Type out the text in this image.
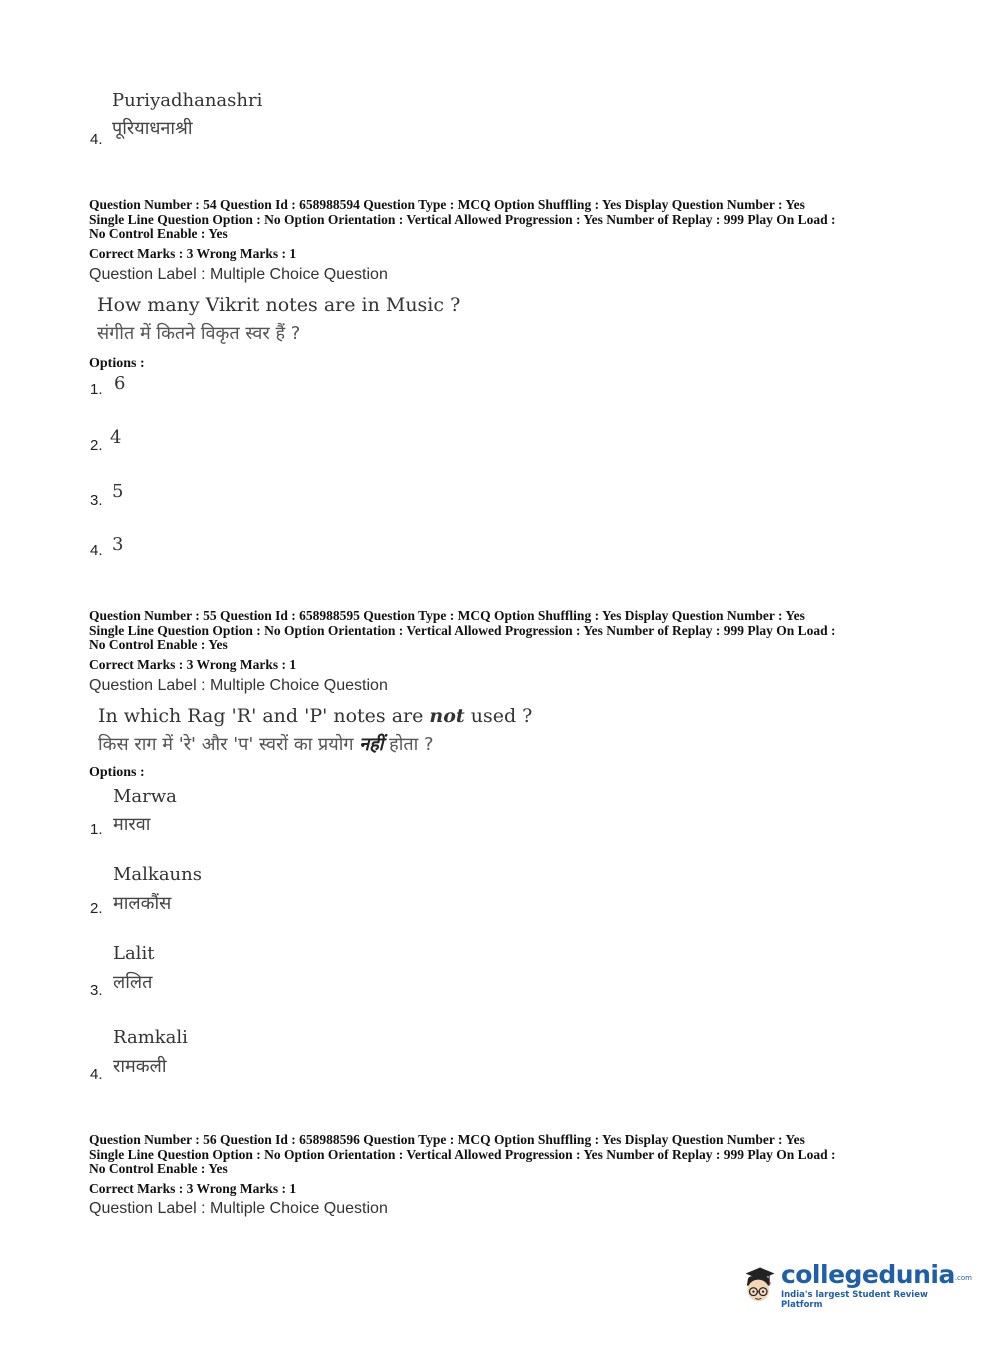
Puriyadhanashri
पूरियाधनाश्री
4.
Question Number : 54 Question Id : 658988594 Question Type : MCQ Option Shuffling : Yes Display Question Number : Yes
Single Line Question Option : No Option Orientation : Vertical Allowed Progression : Yes Number of Replay : 999 Play On Load :
No Control Enable : Yes
Correct Marks : 3 Wrong Marks : 1
Question Label : Multiple Choice Question
How many Vikrit notes are in Music ?
संगीत में कितने विकृत स्वर हैं ?
Options :
1. 6
2. 4
3. 5
4. 3
Question Number : 55 Question Id : 658988595 Question Type : MCQ Option Shuffling : Yes Display Question Number : Yes
Single Line Question Option : No Option Orientation : Vertical Allowed Progression : Yes Number of Replay : 999 Play On Load :
No Control Enable : Yes
Correct Marks : 3 Wrong Marks : 1
Question Label : Multiple Choice Question
In which Rag 'R' and 'P' notes are not used ?
किस राग में 'रे' और 'प' स्वरों का प्रयोग नहीं होता ?
Options :
Marwa
मारवा
1.
Malkauns
मालकौंस
2.
Lalit
ललित
3.
Ramkali
रामकली
4.
Question Number : 56 Question Id : 658988596 Question Type : MCQ Option Shuffling : Yes Display Question Number : Yes
Single Line Question Option : No Option Orientation : Vertical Allowed Progression : Yes Number of Replay : 999 Play On Load :
No Control Enable : Yes
Correct Marks : 3 Wrong Marks : 1
Question Label : Multiple Choice Question
collegedunia .com
India's largest Student Review Platform
